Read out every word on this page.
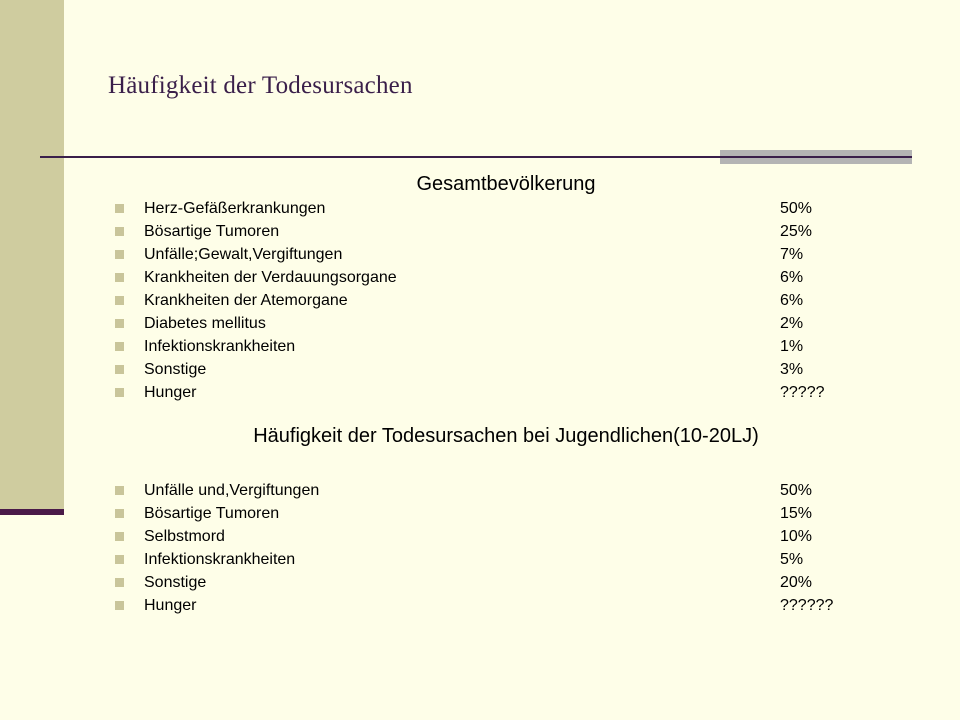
Häufigkeit der Todesursachen
Gesamtbevölkerung
Herz-Gefäßerkrankungen	50%
Bösartige Tumoren	25%
Unfälle;Gewalt,Vergiftungen	7%
Krankheiten der Verdauungsorgane	6%
Krankheiten der Atemorgane	6%
Diabetes mellitus	2%
Infektionskrankheiten	1%
Sonstige	3%
Hunger	?????
Häufigkeit der Todesursachen bei Jugendlichen(10-20LJ)
Unfälle und,Vergiftungen	50%
Bösartige Tumoren	15%
Selbstmord	10%
Infektionskrankheiten	5%
Sonstige	20%
Hunger	??????
